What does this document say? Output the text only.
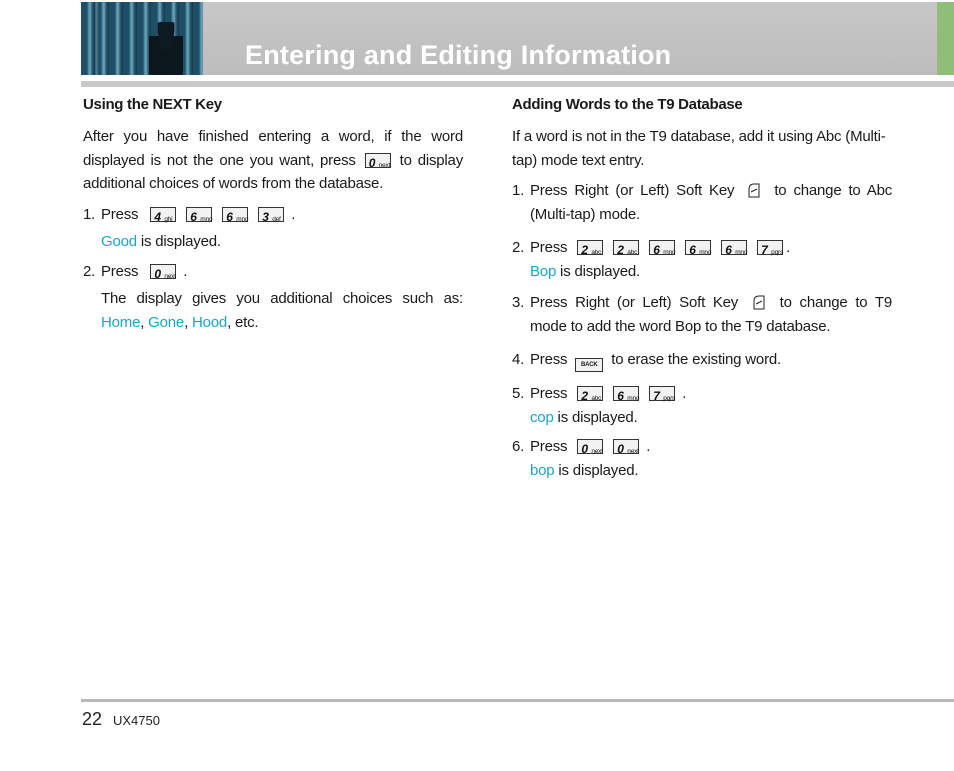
Entering and Editing Information
Using the NEXT Key

After you have finished entering a word, if the word displayed is not the one you want, press 0 next to display additional choices of words from the database.

1. Press 4 ghi
6 mno
6 mno
3 def .
Good is displayed.
2. Press 0 next .
The display gives you additional choices such as: Home, Gone, Hood, etc.
Adding Words to the T9 Database

If a word is not in the T9 database, add it using Abc (Multi-tap) mode text entry.

1. Press Right (or Left) Soft Key	to change to Abc (Multi-tap) mode.
2. Press 2 abc
2 abc
6 mno
6 mno
6 mno
7 pqrs .
Bop is displayed.
3. Press Right (or Left) Soft Key	to change to T9 mode to add the word Bop to the T9 database.
4. Press BACK to erase the existing word.
5. Press 2 abc
6 mno
7 pqrs .
cop is displayed.
6. Press 0 next
0 next .
bop is displayed.
22 UX4750
